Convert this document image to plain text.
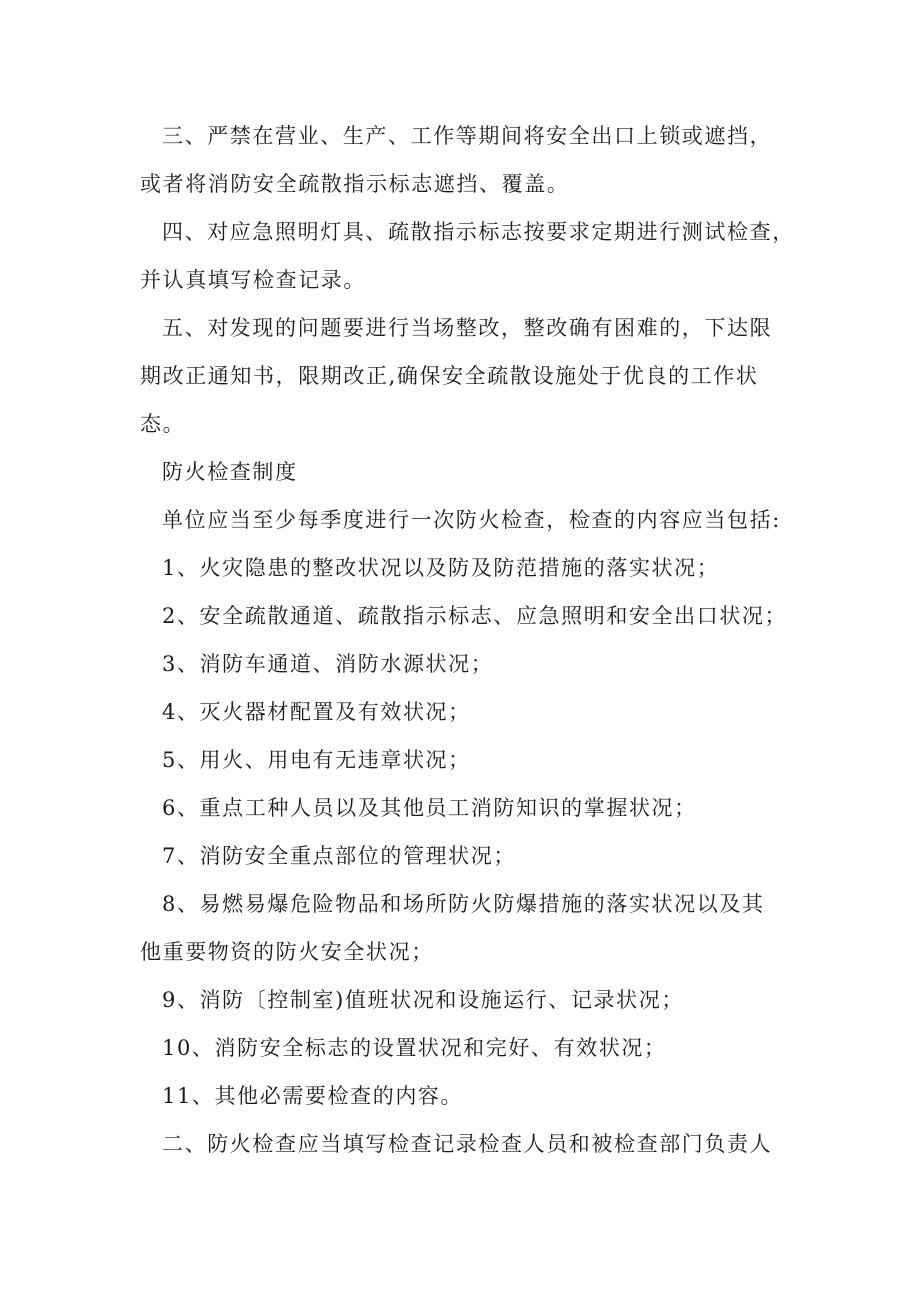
三、严禁在营业、生产、工作等期间将安全出口上锁或遮挡，
或者将消防安全疏散指示标志遮挡、覆盖。
四、对应急照明灯具、疏散指示标志按要求定期进行测试检查，
并认真填写检查记录。
五、对发现的问题要进行当场整改，整改确有困难的，下达限
期改正通知书，限期改正,确保安全疏散设施处于优良的工作状
态。
防火检查制度
单位应当至少每季度进行一次防火检查，检查的内容应当包括:
1、火灾隐患的整改状况以及防及防范措施的落实状况；
2、安全疏散通道、疏散指示标志、应急照明和安全出口状况；
3、消防车通道、消防水源状况；
4、灭火器材配置及有效状况；
5、用火、用电有无违章状况；
6、重点工种人员以及其他员工消防知识的掌握状况；
7、消防安全重点部位的管理状况；
8、易燃易爆危险物品和场所防火防爆措施的落实状况以及其
他重要物资的防火安全状况；
9、消防〔控制室)值班状况和设施运行、记录状况；
10、消防安全标志的设置状况和完好、有效状况；
11、其他必需要检查的内容。
二、防火检查应当填写检查记录检查人员和被检查部门负责人
